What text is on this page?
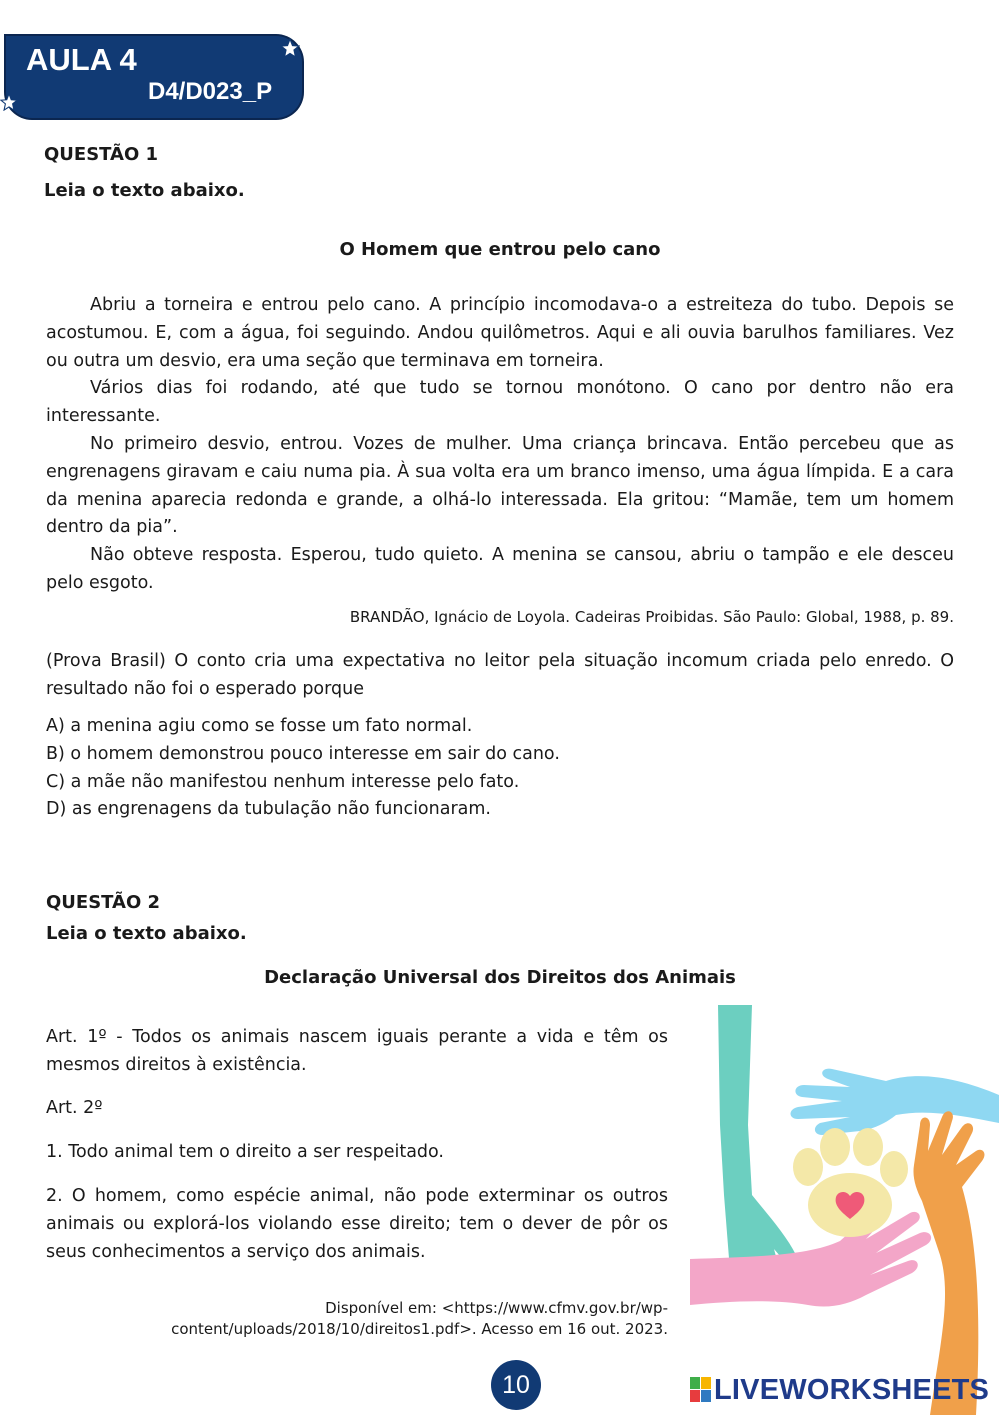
AULA 4
D4/D023_P

QUESTÃO 1

Leia o texto abaixo.

O Homem que entrou pelo cano

Abriu a torneira e entrou pelo cano. A princípio incomodava-o a estreiteza do tubo. Depois se acostumou. E, com a água, foi seguindo. Andou quilômetros. Aqui e ali ouvia barulhos familiares. Vez ou outra um desvio, era uma seção que terminava em torneira.

Vários dias foi rodando, até que tudo se tornou monótono. O cano por dentro não era interessante.

No primeiro desvio, entrou. Vozes de mulher. Uma criança brincava. Então percebeu que as engrenagens giravam e caiu numa pia. À sua volta era um branco imenso, uma água límpida. E a cara da menina aparecia redonda e grande, a olhá-lo interessada. Ela gritou: “Mamãe, tem um homem dentro da pia”.

Não obteve resposta. Esperou, tudo quieto. A menina se cansou, abriu o tampão e ele desceu pelo esgoto.

BRANDÃO, Ignácio de Loyola. Cadeiras Proibidas. São Paulo: Global, 1988, p. 89.

(Prova Brasil) O conto cria uma expectativa no leitor pela situação incomum criada pelo enredo. O resultado não foi o esperado porque

A) a menina agiu como se fosse um fato normal.
B) o homem demonstrou pouco interesse em sair do cano.
C) a mãe não manifestou nenhum interesse pelo fato.
D) as engrenagens da tubulação não funcionaram.

QUESTÃO 2

Leia o texto abaixo.

Declaração Universal dos Direitos dos Animais

Art. 1º - Todos os animais nascem iguais perante a vida e têm os mesmos direitos à existência.

Art. 2º

1. Todo animal tem o direito a ser respeitado.

2. O homem, como espécie animal, não pode exterminar os outros animais ou explorá-los violando esse direito; tem o dever de pôr os seus conhecimentos a serviço dos animais.

Disponível em: <https://www.cfmv.gov.br/wp-
content/uploads/2018/10/direitos1.pdf>. Acesso em 16 out. 2023.
10	LIVEWORKSHEETS
